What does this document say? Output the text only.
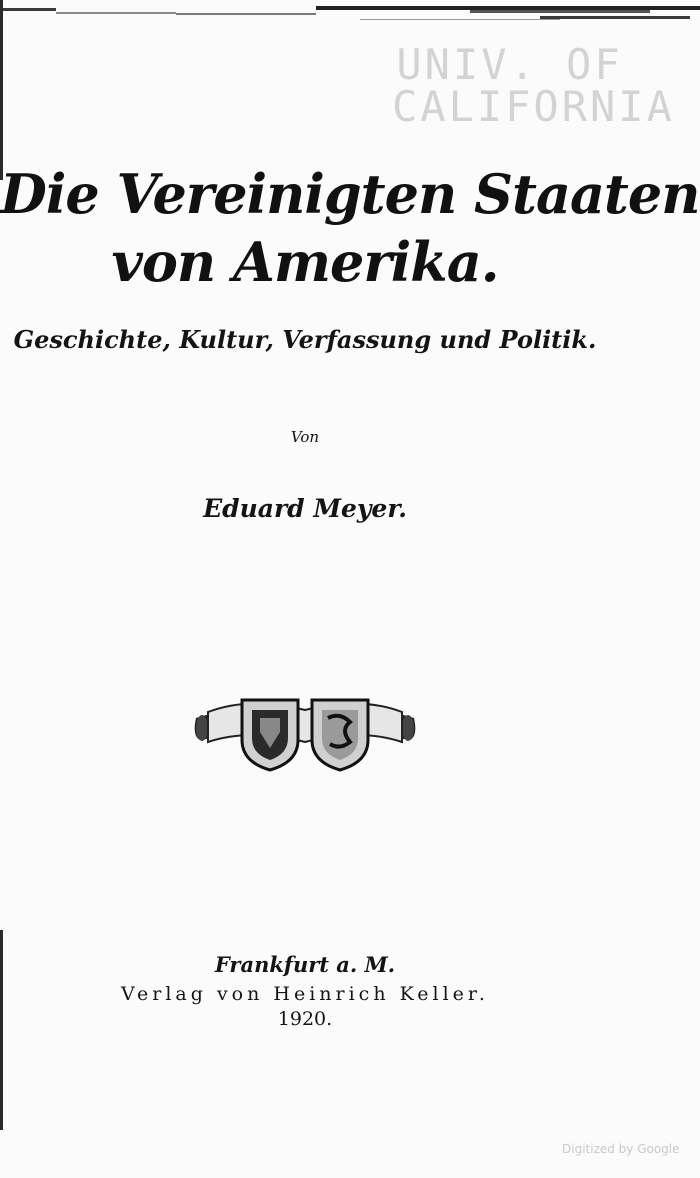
UNIV. OF
CALIFORNIA
Die Vereinigten Staaten
von Amerika.
Geschichte, Kultur, Verfassung und Politik.
Von
Eduard Meyer.
Frankfurt a. M.
Verlag von Heinrich Keller.
1920.
Digitized by Google
